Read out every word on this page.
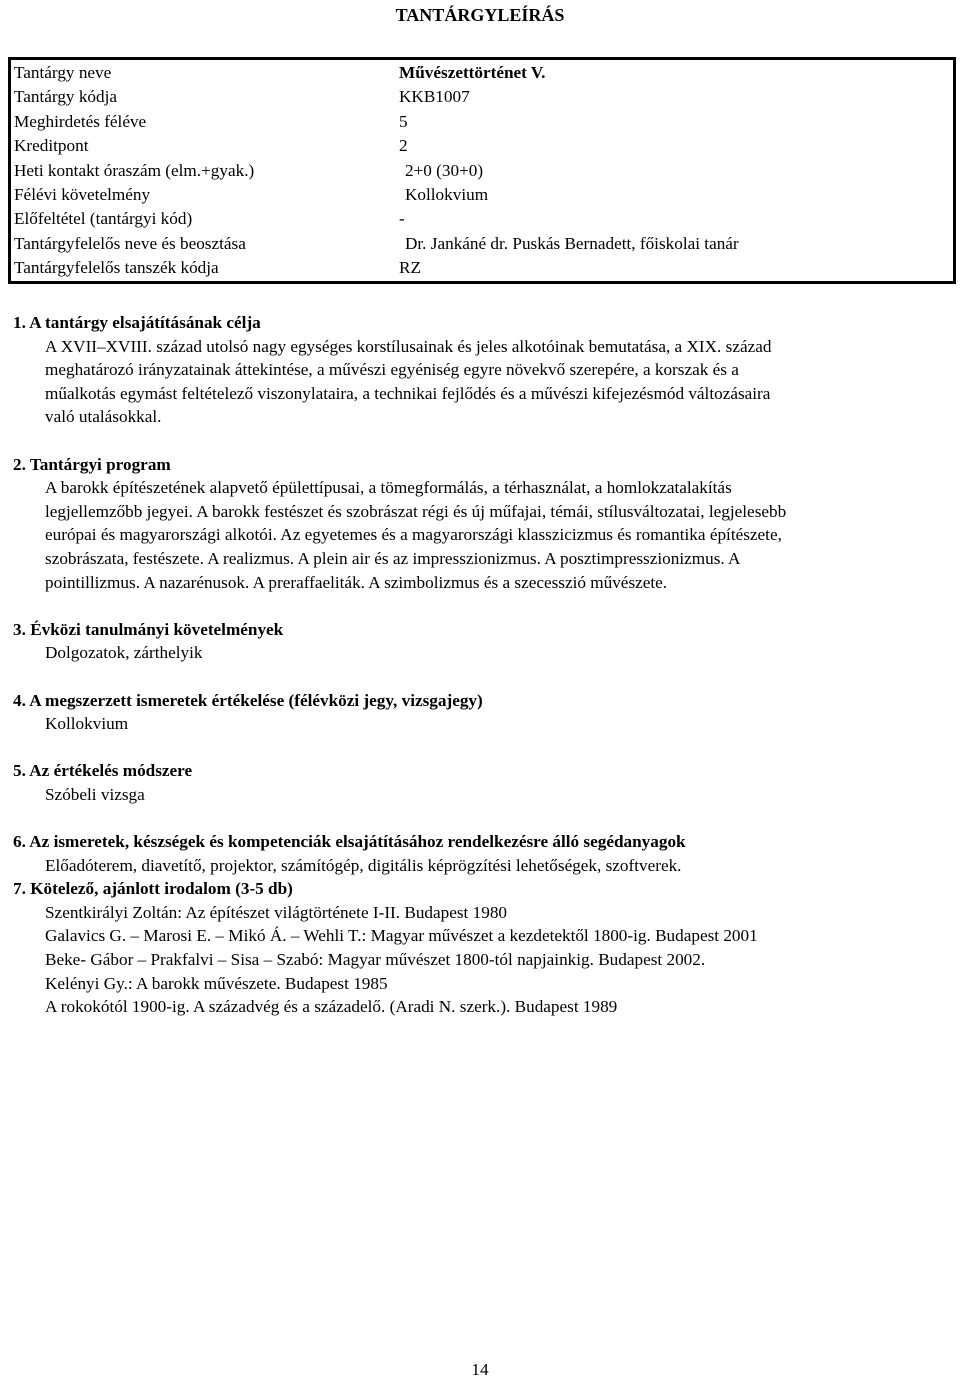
TANTÁRGYLEÍRÁS
Tantárgy neve	Művészettörténet V.
Tantárgy kódja	KKB1007
Meghirdetés féléve	5
Kreditpont	2
Heti kontakt óraszám (elm.+gyak.)	2+0 (30+0)
Félévi követelmény	Kollokvium
Előfeltétel (tantárgyi kód)	-
Tantárgyfelelős neve és beosztása	Dr. Jankáné dr. Puskás Bernadett, főiskolai tanár
Tantárgyfelelős tanszék kódja	RZ
1. A tantárgy elsajátításának célja
A XVII–XVIII. század utolsó nagy egységes korstílusainak és jeles alkotóinak bemutatása, a XIX. század
meghatározó irányzatainak áttekintése, a művészi egyéniség egyre növekvő szerepére, a korszak és a
műalkotás egymást feltételező viszonylataira, a technikai fejlődés és a művészi kifejezésmód változásaira
való utalásokkal.
2. Tantárgyi program
A barokk építészetének alapvető épülettípusai, a tömegformálás, a térhasználat, a homlokzatalakítás
legjellemzőbb jegyei. A barokk festészet és szobrászat régi és új műfajai, témái, stílusváltozatai, legjelesebb
európai és magyarországi alkotói. Az egyetemes és a magyarországi klasszicizmus és romantika építészete,
szobrászata, festészete. A realizmus. A plein air és az impresszionizmus. A posztimpresszionizmus. A
pointillizmus. A nazarénusok. A preraffaeliták. A szimbolizmus és a szecesszió művészete.
3. Évközi tanulmányi követelmények
Dolgozatok, zárthelyik
4. A megszerzett ismeretek értékelése (félévközi jegy, vizsgajegy)
Kollokvium
5. Az értékelés módszere
Szóbeli vizsga
6. Az ismeretek, készségek és kompetenciák elsajátításához rendelkezésre álló segédanyagok
Előadóterem, diavetítő, projektor, számítógép, digitális képrögzítési lehetőségek, szoftverek.
7. Kötelező, ajánlott irodalom (3-5 db)
Szentkirályi Zoltán: Az építészet világtörténete I-II. Budapest 1980
Galavics G. – Marosi E. – Mikó Á. – Wehli T.: Magyar művészet a kezdetektől 1800-ig. Budapest 2001
Beke- Gábor – Prakfalvi – Sisa – Szabó: Magyar művészet 1800-tól napjainkig. Budapest 2002.
Kelényi Gy.: A barokk művészete. Budapest 1985
A rokokótól 1900-ig. A századvég és a századelő. (Aradi N. szerk.). Budapest 1989
14
